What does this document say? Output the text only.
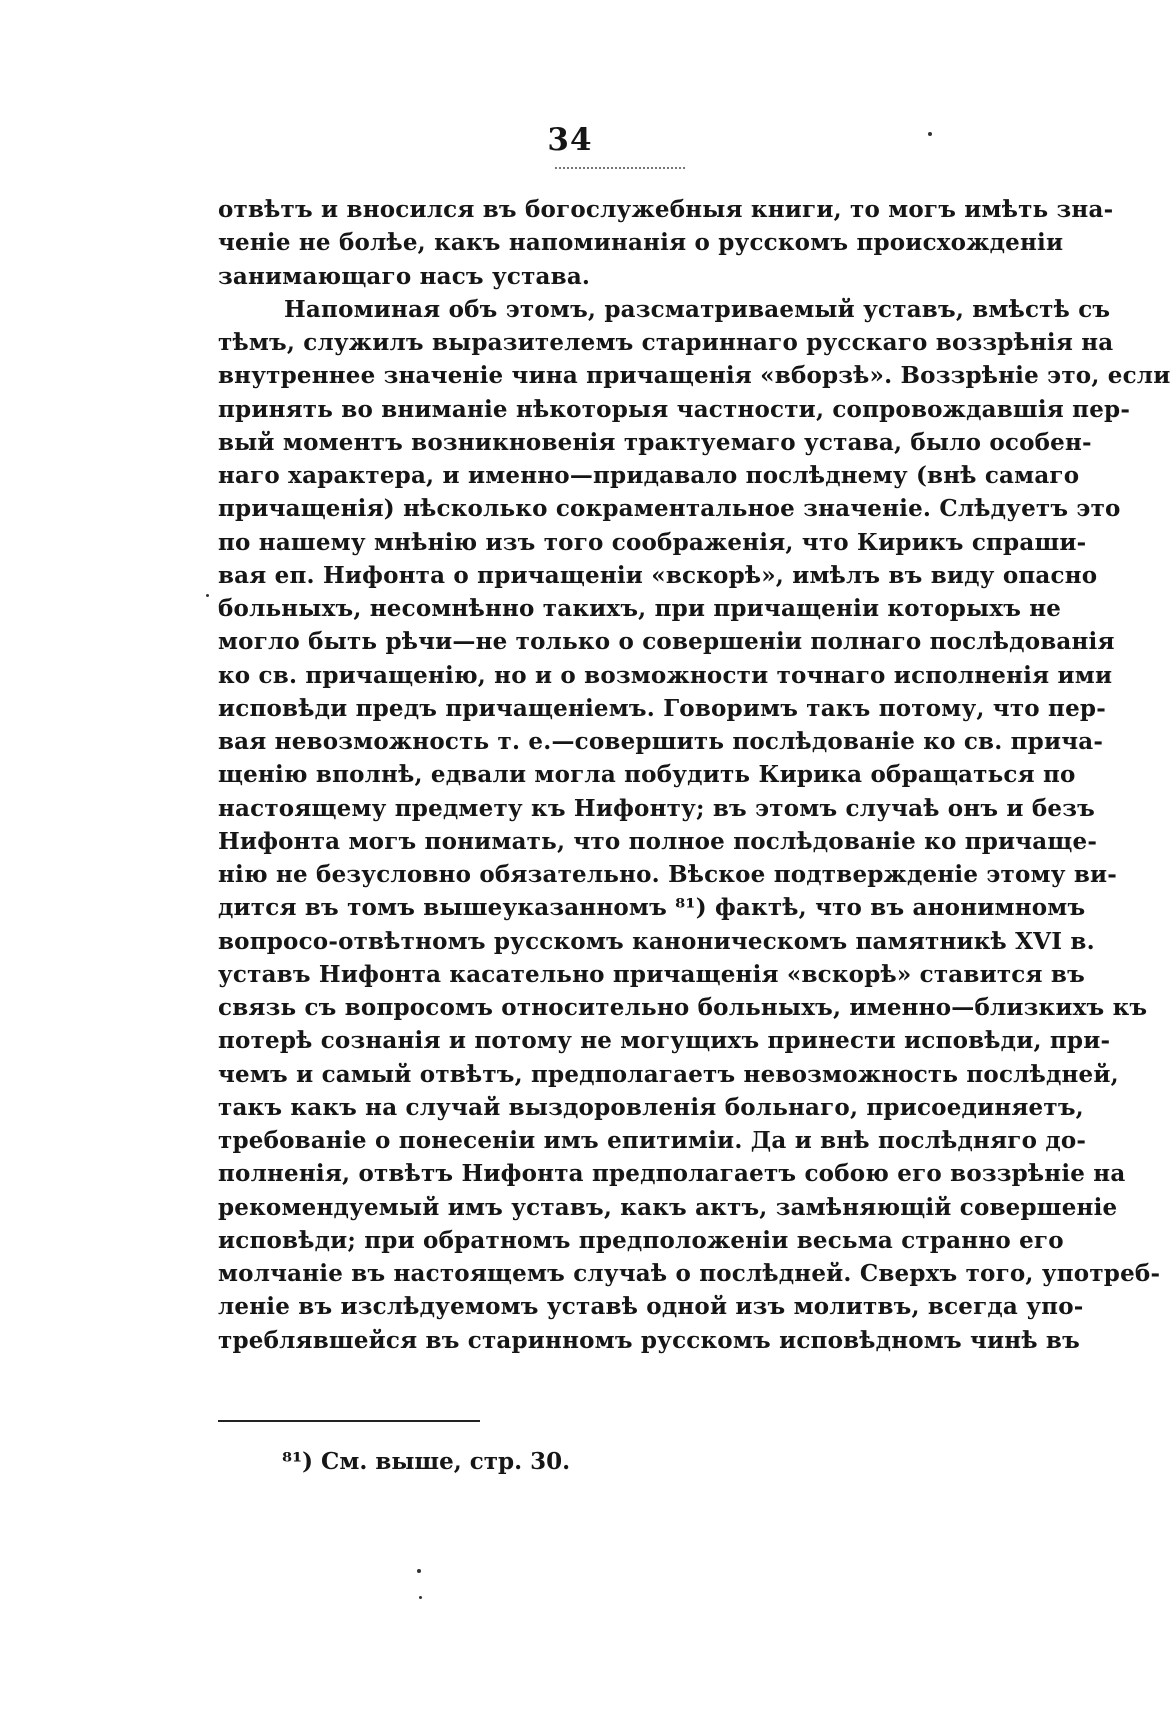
34
отвѣтъ и вносился въ богослужебныя книги, то могъ имѣть зна-
ченіе не болѣе, какъ напоминанія о русскомъ происхожденіи
занимающаго насъ устава.
Напоминая объ этомъ, разсматриваемый уставъ, вмѣстѣ съ
тѣмъ, служилъ выразителемъ стариннаго русскаго воззрѣнія на
внутреннее значеніе чина причащенія «вборзѣ». Воззрѣніе это, если
принять во вниманіе нѣкоторыя частности, сопровождавшія пер-
вый моментъ возникновенія трактуемаго устава, было особен-
наго характера, и именно—придавало послѣднему (внѣ самаго
причащенія) нѣсколько сокраментальное значеніе. Слѣдуетъ это
по нашему мнѣнію изъ того соображенія, что Кирикъ спраши-
вая еп. Нифонта о причащеніи «вскорѣ», имѣлъ въ виду опасно
больныхъ, несомнѣнно такихъ, при причащеніи которыхъ не
могло быть рѣчи—не только о совершеніи полнаго послѣдованія
ко св. причащенію, но и о возможности точнаго исполненія ими
исповѣди предъ причащеніемъ. Говоримъ такъ потому, что пер-
вая невозможность т. е.—совершить послѣдованіе ко св. прича-
щенію вполнѣ, едвали могла побудить Кирика обращаться по
настоящему предмету къ Нифонту; въ этомъ случаѣ онъ и безъ
Нифонта могъ понимать, что полное послѣдованіе ко причаще-
нію не безусловно обязательно. Вѣское подтвержденіе этому ви-
дится въ томъ вышеуказанномъ ⁸¹) фактѣ, что въ анонимномъ
вопросо-отвѣтномъ русскомъ каноническомъ памятникѣ XVI в.
уставъ Нифонта касательно причащенія «вскорѣ» ставится въ
связь съ вопросомъ относительно больныхъ, именно—близкихъ къ
потерѣ сознанія и потому не могущихъ принести исповѣди, при-
чемъ и самый отвѣтъ, предполагаетъ невозможность послѣдней,
такъ какъ на случай выздоровленія больнаго, присоединяетъ,
требованіе о понесеніи имъ епитиміи. Да и внѣ послѣдняго до-
полненія, отвѣтъ Нифонта предполагаетъ собою его воззрѣніе на
рекомендуемый имъ уставъ, какъ актъ, замѣняющій совершеніе
исповѣди; при обратномъ предположеніи весьма странно его
молчаніе въ настоящемъ случаѣ о послѣдней. Сверхъ того, употреб-
леніе въ изслѣдуемомъ уставѣ одной изъ молитвъ, всегда упо-
треблявшейся въ старинномъ русскомъ исповѣдномъ чинѣ въ
⁸¹) См. выше, стр. 30.
